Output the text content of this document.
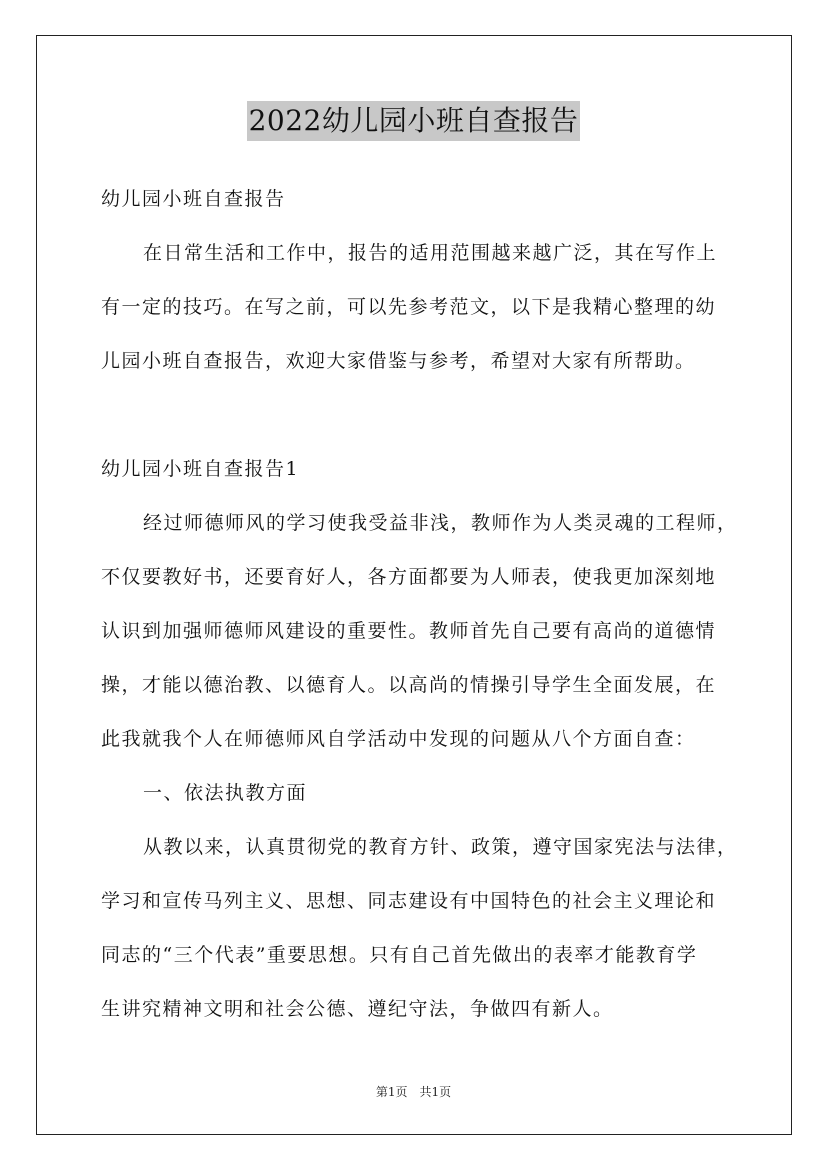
2022幼儿园小班自查报告
幼儿园小班自查报告
在日常生活和工作中，报告的适用范围越来越广泛，其在写作上
有一定的技巧。在写之前，可以先参考范文，以下是我精心整理的幼
儿园小班自查报告，欢迎大家借鉴与参考，希望对大家有所帮助。
幼儿园小班自查报告1
经过师德师风的学习使我受益非浅，教师作为人类灵魂的工程师，
不仅要教好书，还要育好人，各方面都要为人师表，使我更加深刻地
认识到加强师德师风建设的重要性。教师首先自己要有高尚的道德情
操，才能以德治教、以德育人。以高尚的情操引导学生全面发展，在
此我就我个人在师德师风自学活动中发现的问题从八个方面自查：
一、依法执教方面
从教以来，认真贯彻党的教育方针、政策，遵守国家宪法与法律，
学习和宣传马列主义、思想、同志建设有中国特色的社会主义理论和
同志的“三个代表”重要思想。只有自己首先做出的表率才能教育学
生讲究精神文明和社会公德、遵纪守法，争做四有新人。
第1页　共1页
